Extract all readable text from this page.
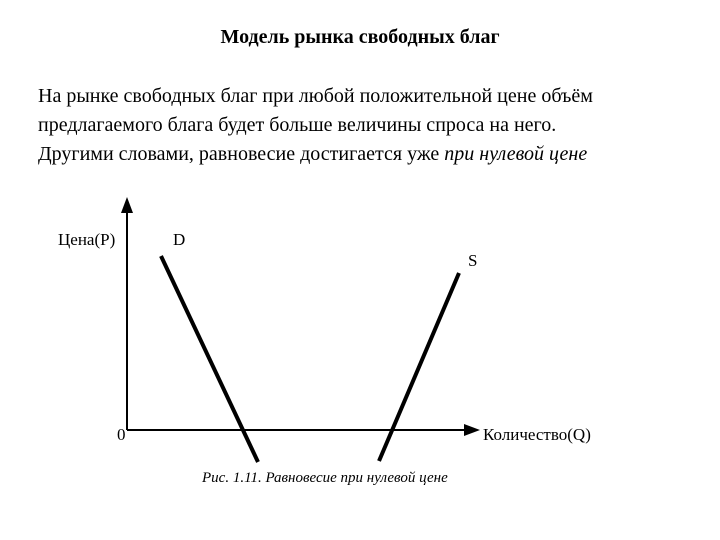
Модель рынка свободных благ
На рынке свободных благ при любой положительной цене объём
предлагаемого блага будет больше величины спроса на него.
Другими словами, равновесие достигается уже при нулевой цене
Цена(P)
Количество(Q)
0
D
S
Рис. 1.11. Равновесие при нулевой цене
